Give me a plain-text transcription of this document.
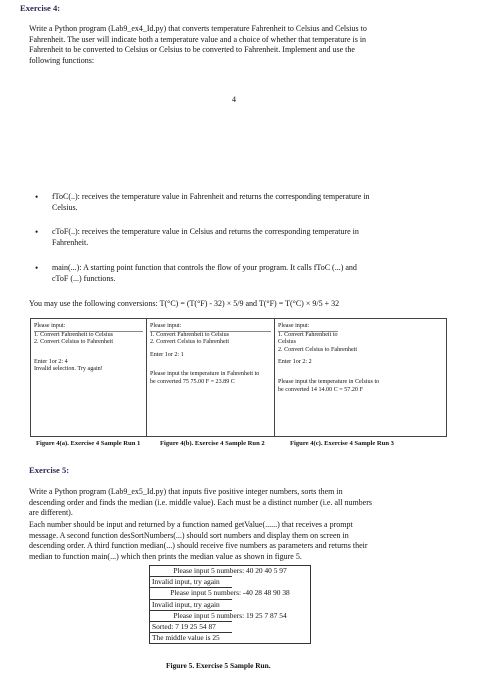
Exercise 4:
Write a Python program (Lab9_ex4_Id.py) that converts temperature Fahrenheit to Celsius and Celsius to
Fahrenheit. The user will indicate both a temperature value and a choice of whether that temperature is in
Fahrenheit to be converted to Celsius or Celsius to be converted to Fahrenheit. Implement and use the
following functions:
4
•	fToC(..): receives the temperature value in Fahrenheit and returns the corresponding temperature in
Celsius.
•	cToF(..): receives the temperature value in Celsius and returns the corresponding temperature in
Fahrenheit.
•	main(...): A starting point function that controls the flow of your program. It calls fToC (...) and
cToF (...) functions.
You may use the following conversions: T(°C) = (T(°F) - 32) × 5/9 and T(°F) = T(°C) × 9/5 + 32
Please input:
1. Convert Fahrenheit to Celsius
2. Convert Celsius to Fahrenheit
Enter 1or 2: 4
Invalid selection. Try again!
Please input:
1. Convert Fahrenheit to Celsius
2. Convert Celsius to Fahrenheit
Enter 1or 2: 1
Please input the temperature in Fahrenheit to
be converted 75 75.00 F = 23.89 C
Please input:
1. Convert Fahrenheit to Celsius
2. Convert Celsius to Fahrenheit
Enter 1or 2: 2
Please input the temperature in Celsius to
be converted 14 14.00 C = 57.20 F
Figure 4(a). Exercise 4 Sample Run 1	Figure 4(b). Exercise 4 Sample Run 2	Figure 4(c). Exercise 4 Sample Run 3
Exercise 5:
Write a Python program (Lab9_ex5_Id.py) that inputs five positive integer numbers, sorts them in
descending order and finds the median (i.e. middle value). Each must be a distinct number (i.e. all numbers
are different).
Each number should be input and returned by a function named getValue(......) that receives a prompt
message. A second function desSortNumbers(...) should sort numbers and display them on screen in
descending order. A third function median(...) should receive five numbers as parameters and returns their
median to function main(...) which then prints the median value as shown in figure 5.
Please input 5 numbers: 40 20 40 5 97
Invalid input, try again
Please input 5 numbers: -40 28 48 90 38
Invalid input, try again
Please input 5 numbers: 19 25 7 87 54
Sorted: 7 19 25 54 87
The middle value is 25
Figure 5. Exercise 5 Sample Run.
